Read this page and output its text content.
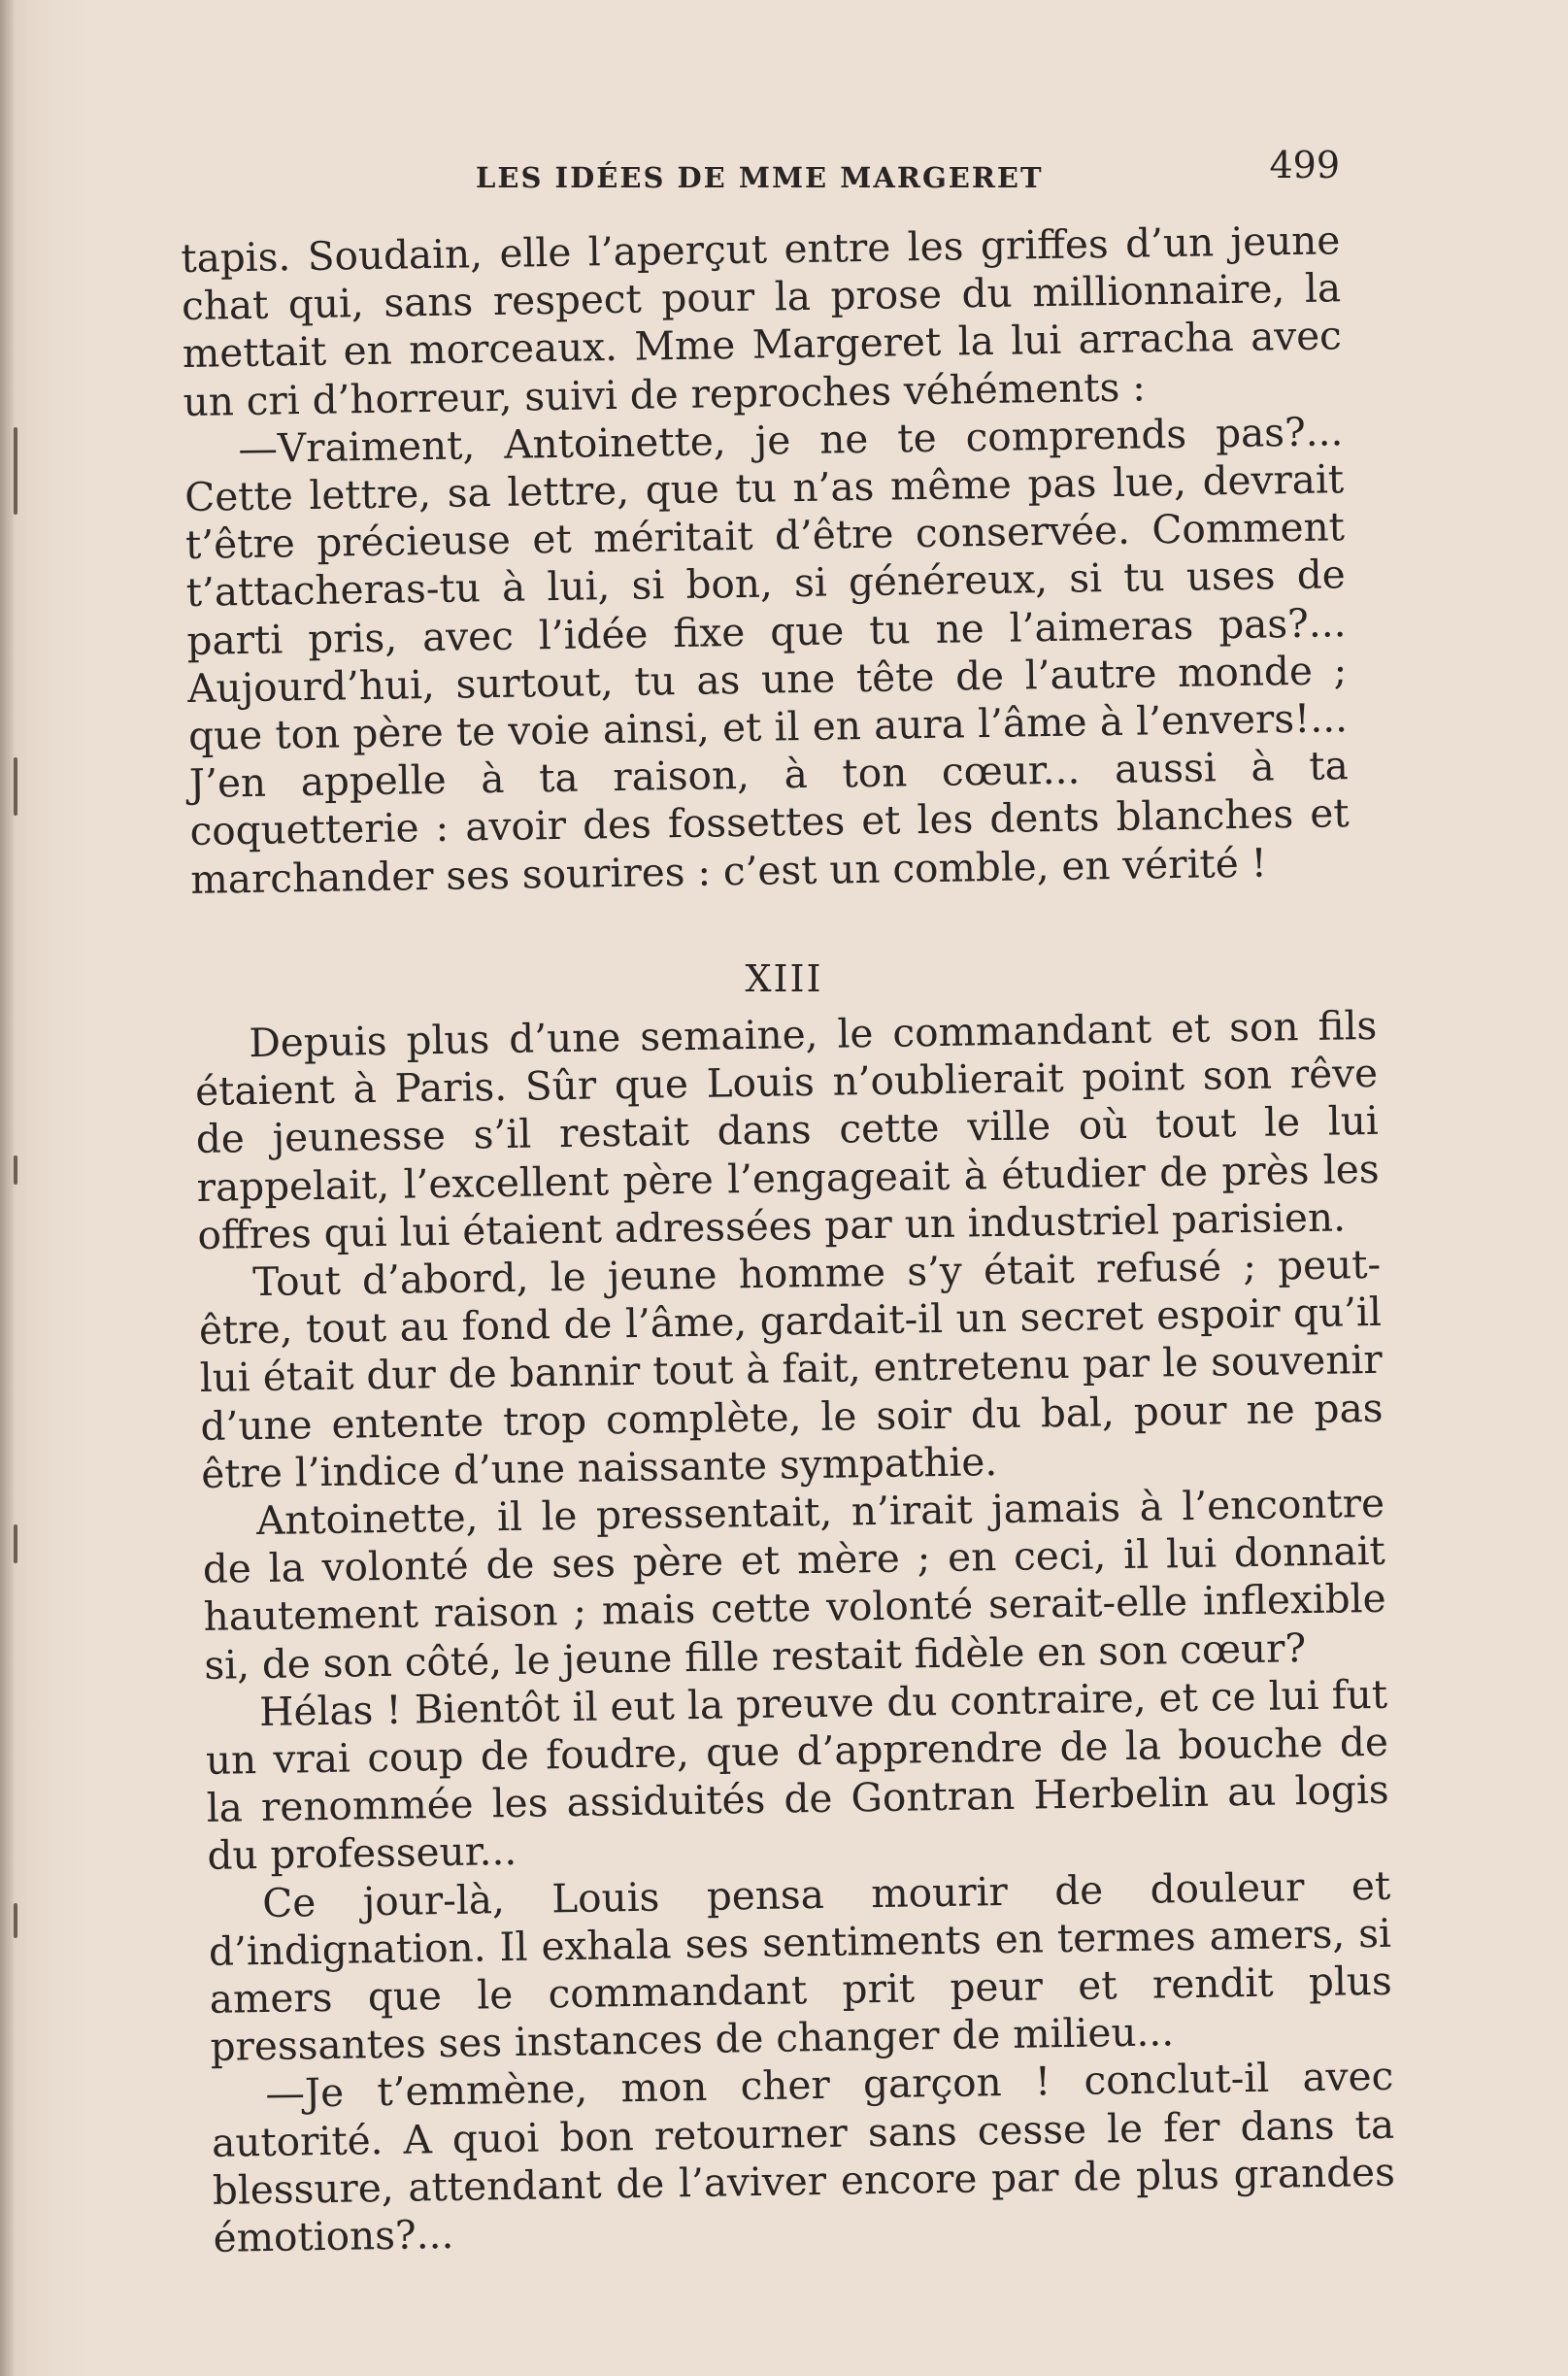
LES IDÉES DE MME MARGERET	499

tapis. Soudain, elle l’aperçut entre les griffes d’un jeune chat qui, sans respect pour la prose du millionnaire, la mettait en morceaux. Mme Margeret la lui arracha avec un cri d’horreur, suivi de reproches véhéments :

—Vraiment, Antoinette, je ne te comprends pas?... Cette lettre, sa lettre, que tu n’as même pas lue, devrait t’être précieuse et méritait d’être conservée. Comment t’attacheras-tu à lui, si bon, si généreux, si tu uses de parti pris, avec l’idée fixe que tu ne l’aimeras pas?... Aujourd’hui, surtout, tu as une tête de l’autre monde ; que ton père te voie ainsi, et il en aura l’âme à l’envers!... J’en appelle à ta raison, à ton cœur... aussi à ta coquetterie : avoir des fossettes et les dents blanches et marchander ses sourires : c’est un comble, en vérité !

XIII

Depuis plus d’une semaine, le commandant et son fils étaient à Paris. Sûr que Louis n’oublierait point son rêve de jeunesse s’il restait dans cette ville où tout le lui rappelait, l’excellent père l’engageait à étudier de près les offres qui lui étaient adressées par un industriel parisien.

Tout d’abord, le jeune homme s’y était refusé ; peut-être, tout au fond de l’âme, gardait-il un secret espoir qu’il lui était dur de bannir tout à fait, entretenu par le souvenir d’une entente trop complète, le soir du bal, pour ne pas être l’indice d’une naissante sympathie.

Antoinette, il le pressentait, n’irait jamais à l’encontre de la volonté de ses père et mère ; en ceci, il lui donnait hautement raison ; mais cette volonté serait-elle inflexible si, de son côté, le jeune fille restait fidèle en son cœur?

Hélas ! Bientôt il eut la preuve du contraire, et ce lui fut un vrai coup de foudre, que d’apprendre de la bouche de la renommée les assiduités de Gontran Herbelin au logis du professeur...

Ce jour-là, Louis pensa mourir de douleur et d’indignation. Il exhala ses sentiments en termes amers, si amers que le commandant prit peur et rendit plus pressantes ses instances de changer de milieu...

—Je t’emmène, mon cher garçon ! conclut-il avec autorité. A quoi bon retourner sans cesse le fer dans ta blessure, attendant de l’aviver encore par de plus grandes émotions?...
